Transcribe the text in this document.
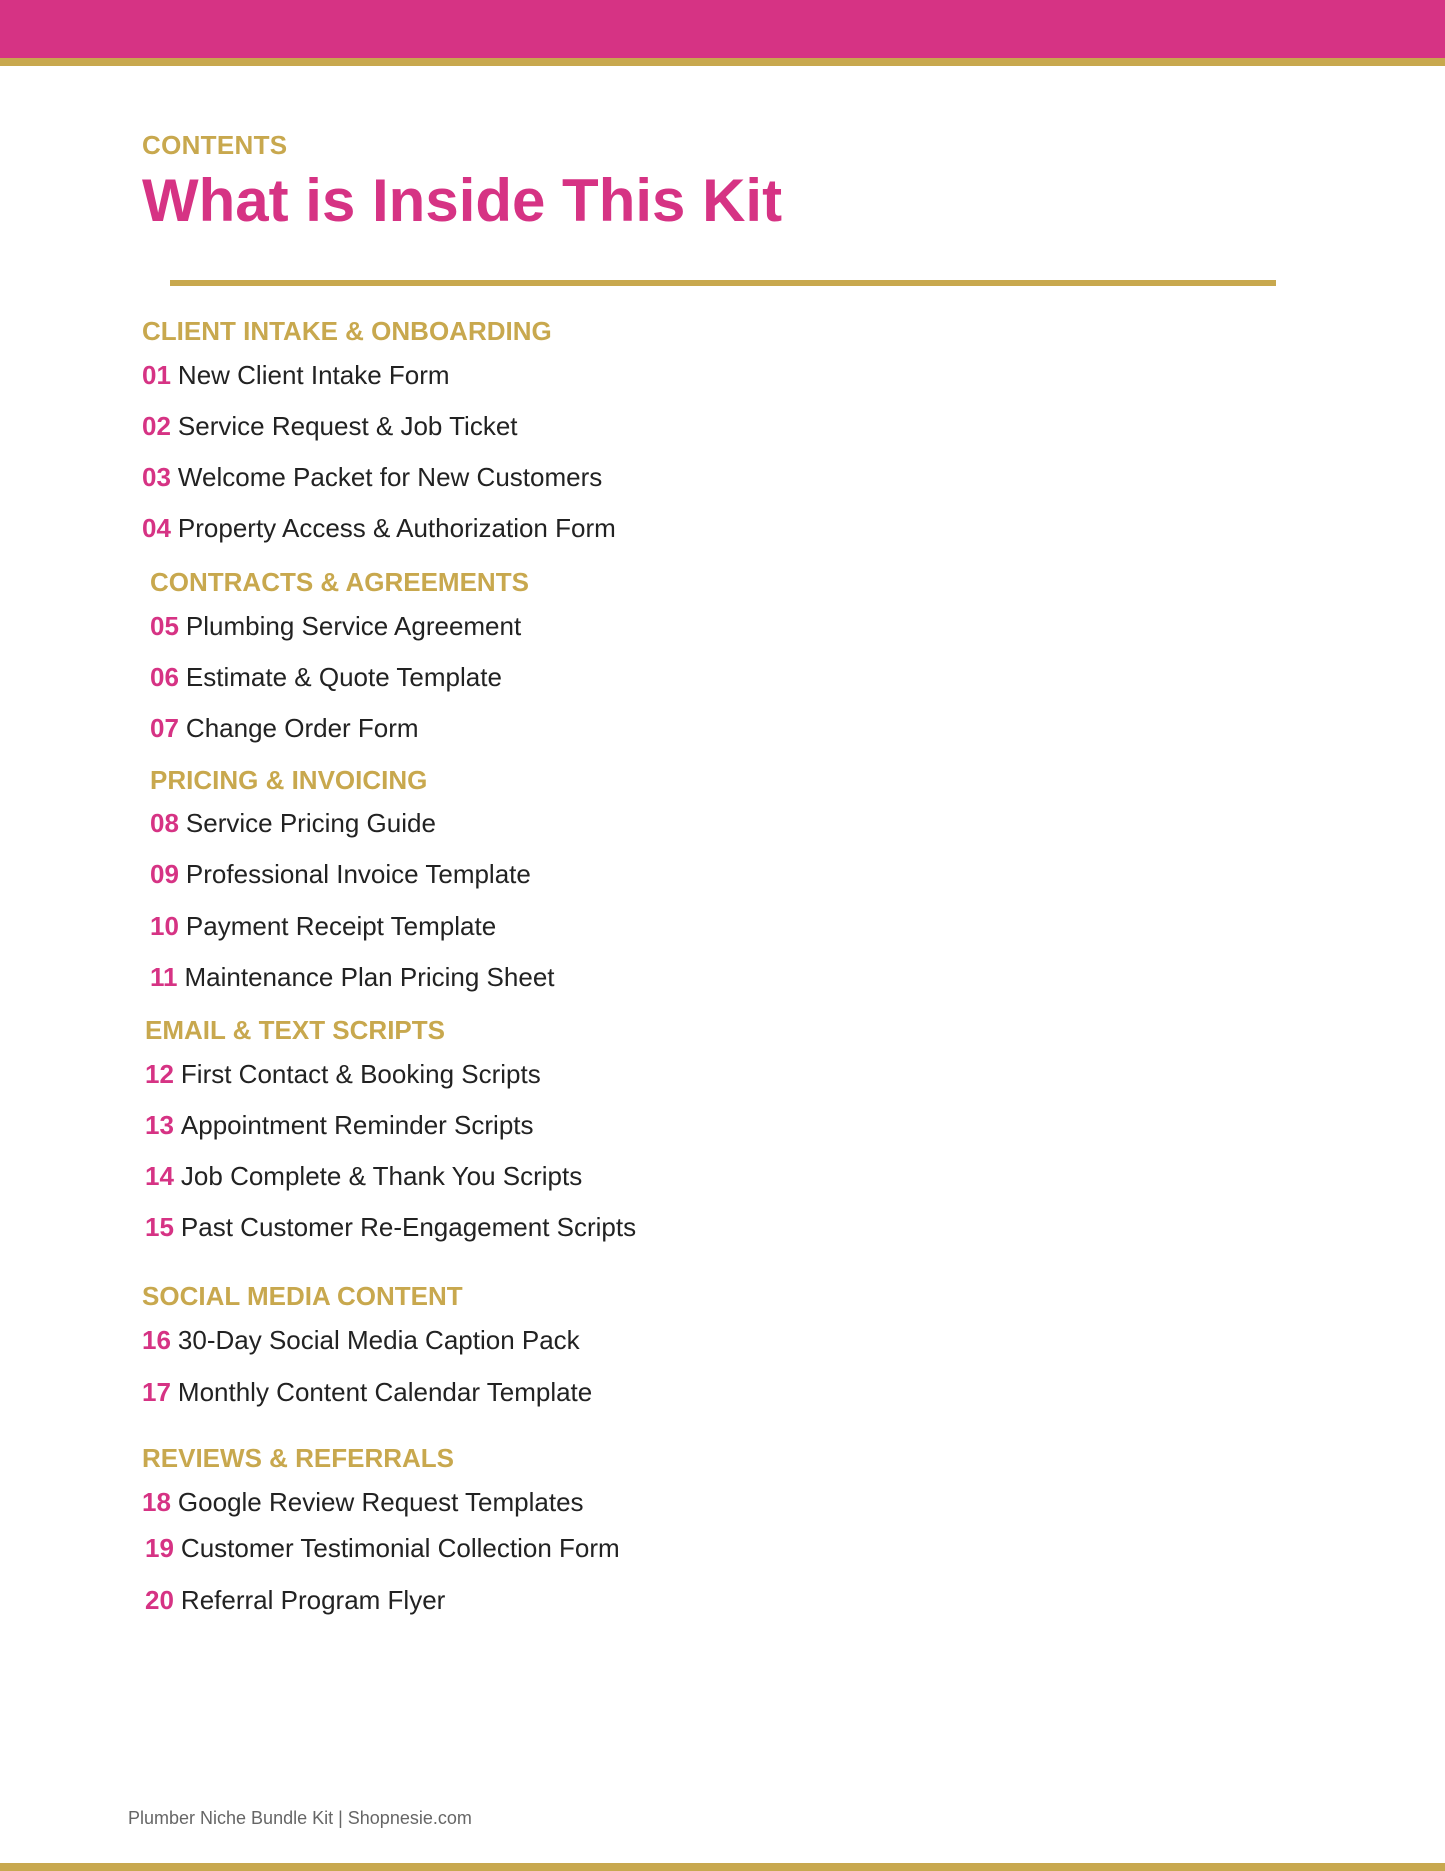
CONTENTS
What is Inside This Kit
CLIENT INTAKE & ONBOARDING
01 New Client Intake Form
02 Service Request & Job Ticket
03 Welcome Packet for New Customers
04 Property Access & Authorization Form
CONTRACTS & AGREEMENTS
05 Plumbing Service Agreement
06 Estimate & Quote Template
07 Change Order Form
PRICING & INVOICING
08 Service Pricing Guide
09 Professional Invoice Template
10 Payment Receipt Template
11 Maintenance Plan Pricing Sheet
EMAIL & TEXT SCRIPTS
12 First Contact & Booking Scripts
13 Appointment Reminder Scripts
14 Job Complete & Thank You Scripts
15 Past Customer Re-Engagement Scripts
SOCIAL MEDIA CONTENT
16 30-Day Social Media Caption Pack
17 Monthly Content Calendar Template
REVIEWS & REFERRALS
18 Google Review Request Templates
19 Customer Testimonial Collection Form
20 Referral Program Flyer
Plumber Niche Bundle Kit | Shopnesie.com
